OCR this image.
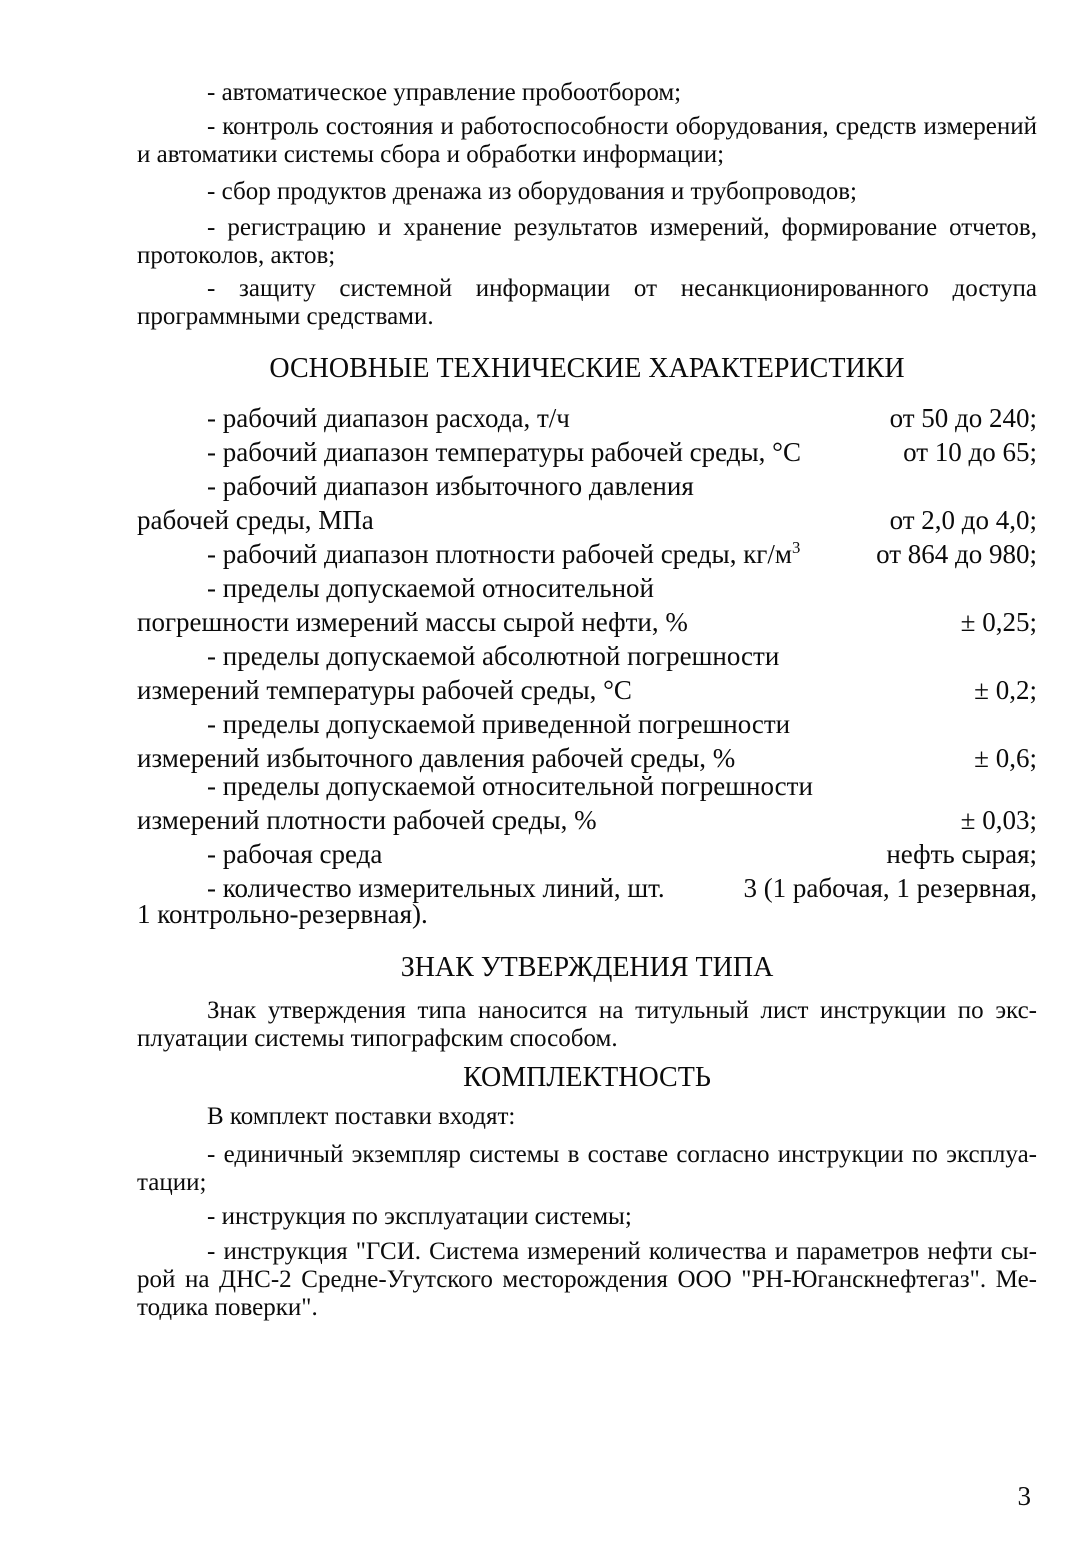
- автоматическое управление пробоотбором;
- контроль состояния и работоспособности оборудования, средств измерений
и автоматики системы сбора и обработки информации;
- сбор продуктов дренажа из оборудования и трубопроводов;
- регистрацию и хранение результатов измерений, формирование отчетов,
протоколов, актов;
- защиту системной информации от несанкционированного доступа
программными средствами.
ОСНОВНЫЕ ТЕХНИЧЕСКИЕ ХАРАКТЕРИСТИКИ
- рабочий диапазон расхода, т/ч	от 50 до 240;
- рабочий диапазон температуры рабочей среды, °С	от 10 до 65;
- рабочий диапазон избыточного давления
рабочей среды, МПа	от 2,0 до 4,0;
- рабочий диапазон плотности рабочей среды, $кг/м^3$	от 864 до 980;
- пределы допускаемой относительной
погрешности измерений массы сырой нефти, %	± 0,25;
- пределы допускаемой абсолютной погрешности
измерений температуры рабочей среды, °С	± 0,2;
- пределы допускаемой приведенной погрешности
измерений избыточного давления рабочей среды, %	± 0,6;
- пределы допускаемой относительной погрешности
измерений плотности рабочей среды, %	± 0,03;
- рабочая среда	нефть сырая;
- количество измерительных линий, шт.	3 (1 рабочая, 1 резервная,
1 контрольно-резервная).
ЗНАК УТВЕРЖДЕНИЯ ТИПА
Знак утверждения типа наносится на титульный лист инструкции по экс-
плуатации системы типографским способом.
КОМПЛЕКТНОСТЬ
В комплект поставки входят:
- единичный экземпляр системы в составе согласно инструкции по эксплуа-
тации;
- инструкция по эксплуатации системы;
- инструкция "ГСИ. Система измерений количества и параметров нефти сы-
рой на ДНС-2 Средне-Угутского месторождения ООО "РН-Юганскнефтегаз". Ме-
тодика поверки".
3
